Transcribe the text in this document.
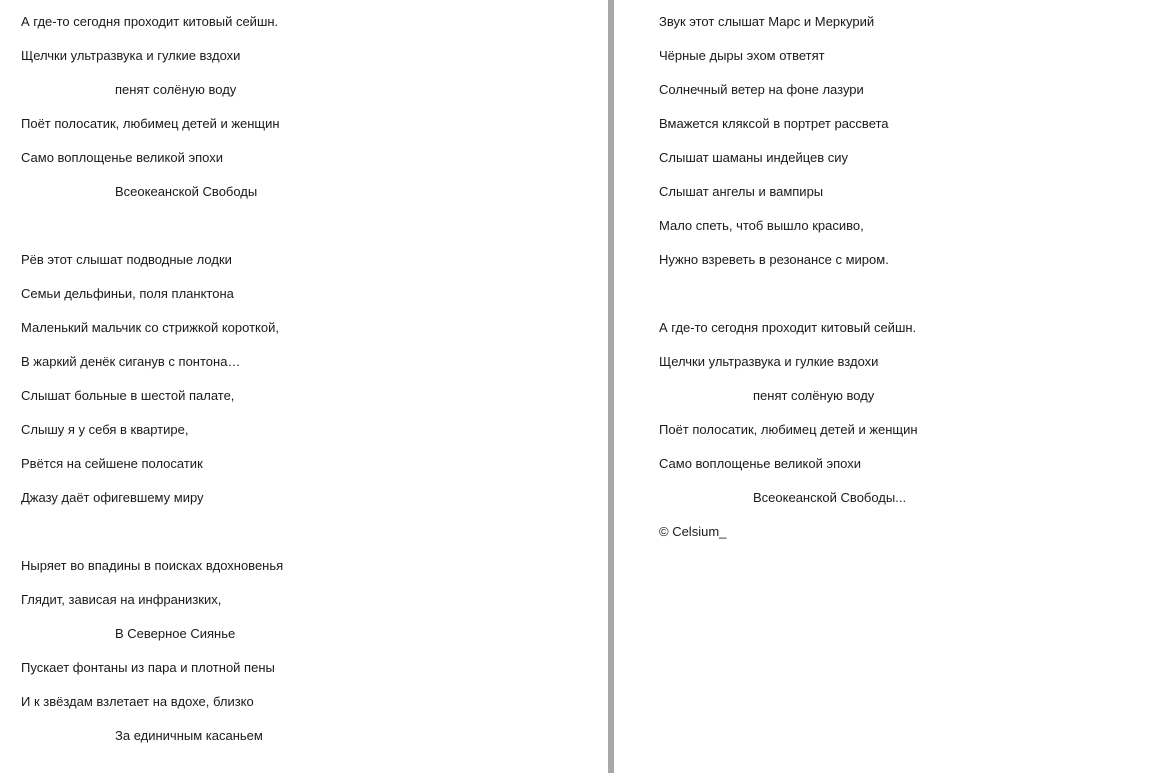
А где-то сегодня проходит китовый сейшн.
Щелчки ультразвука и гулкие вздохи
пенят солёную воду
Поёт полосатик, любимец детей и женщин
Само воплощенье великой эпохи
Всеокеанской Свободы
Рёв этот слышат подводные лодки
Семьи дельфиньи, поля планктона
Маленький мальчик со стрижкой короткой,
В жаркий денёк сиганув с понтона…
Слышат больные в шестой палате,
Слышу я у себя в квартире,
Рвётся на сейшене полосатик
Джазу даёт офигевшему миру
Ныряет во впадины в поисках вдохновенья
Глядит, зависая на инфранизких,
В Северное Сиянье
Пускает фонтаны из пара и плотной пены
И к звёздам взлетает на вдохе, близко
За единичным касаньем
Звук этот слышат Марс и Меркурий
Чёрные дыры эхом ответят
Солнечный ветер на фоне лазури
Вмажется кляксой в портрет рассвета
Слышат шаманы индейцев сиу
Слышат ангелы и вампиры
Мало спеть, чтоб вышло красиво,
Нужно взреветь в резонансе с миром.
А где-то сегодня проходит китовый сейшн.
Щелчки ультразвука и гулкие вздохи
пенят солёную воду
Поёт полосатик, любимец детей и женщин
Само воплощенье великой эпохи
Всеокеанской Свободы...
© Celsium_
